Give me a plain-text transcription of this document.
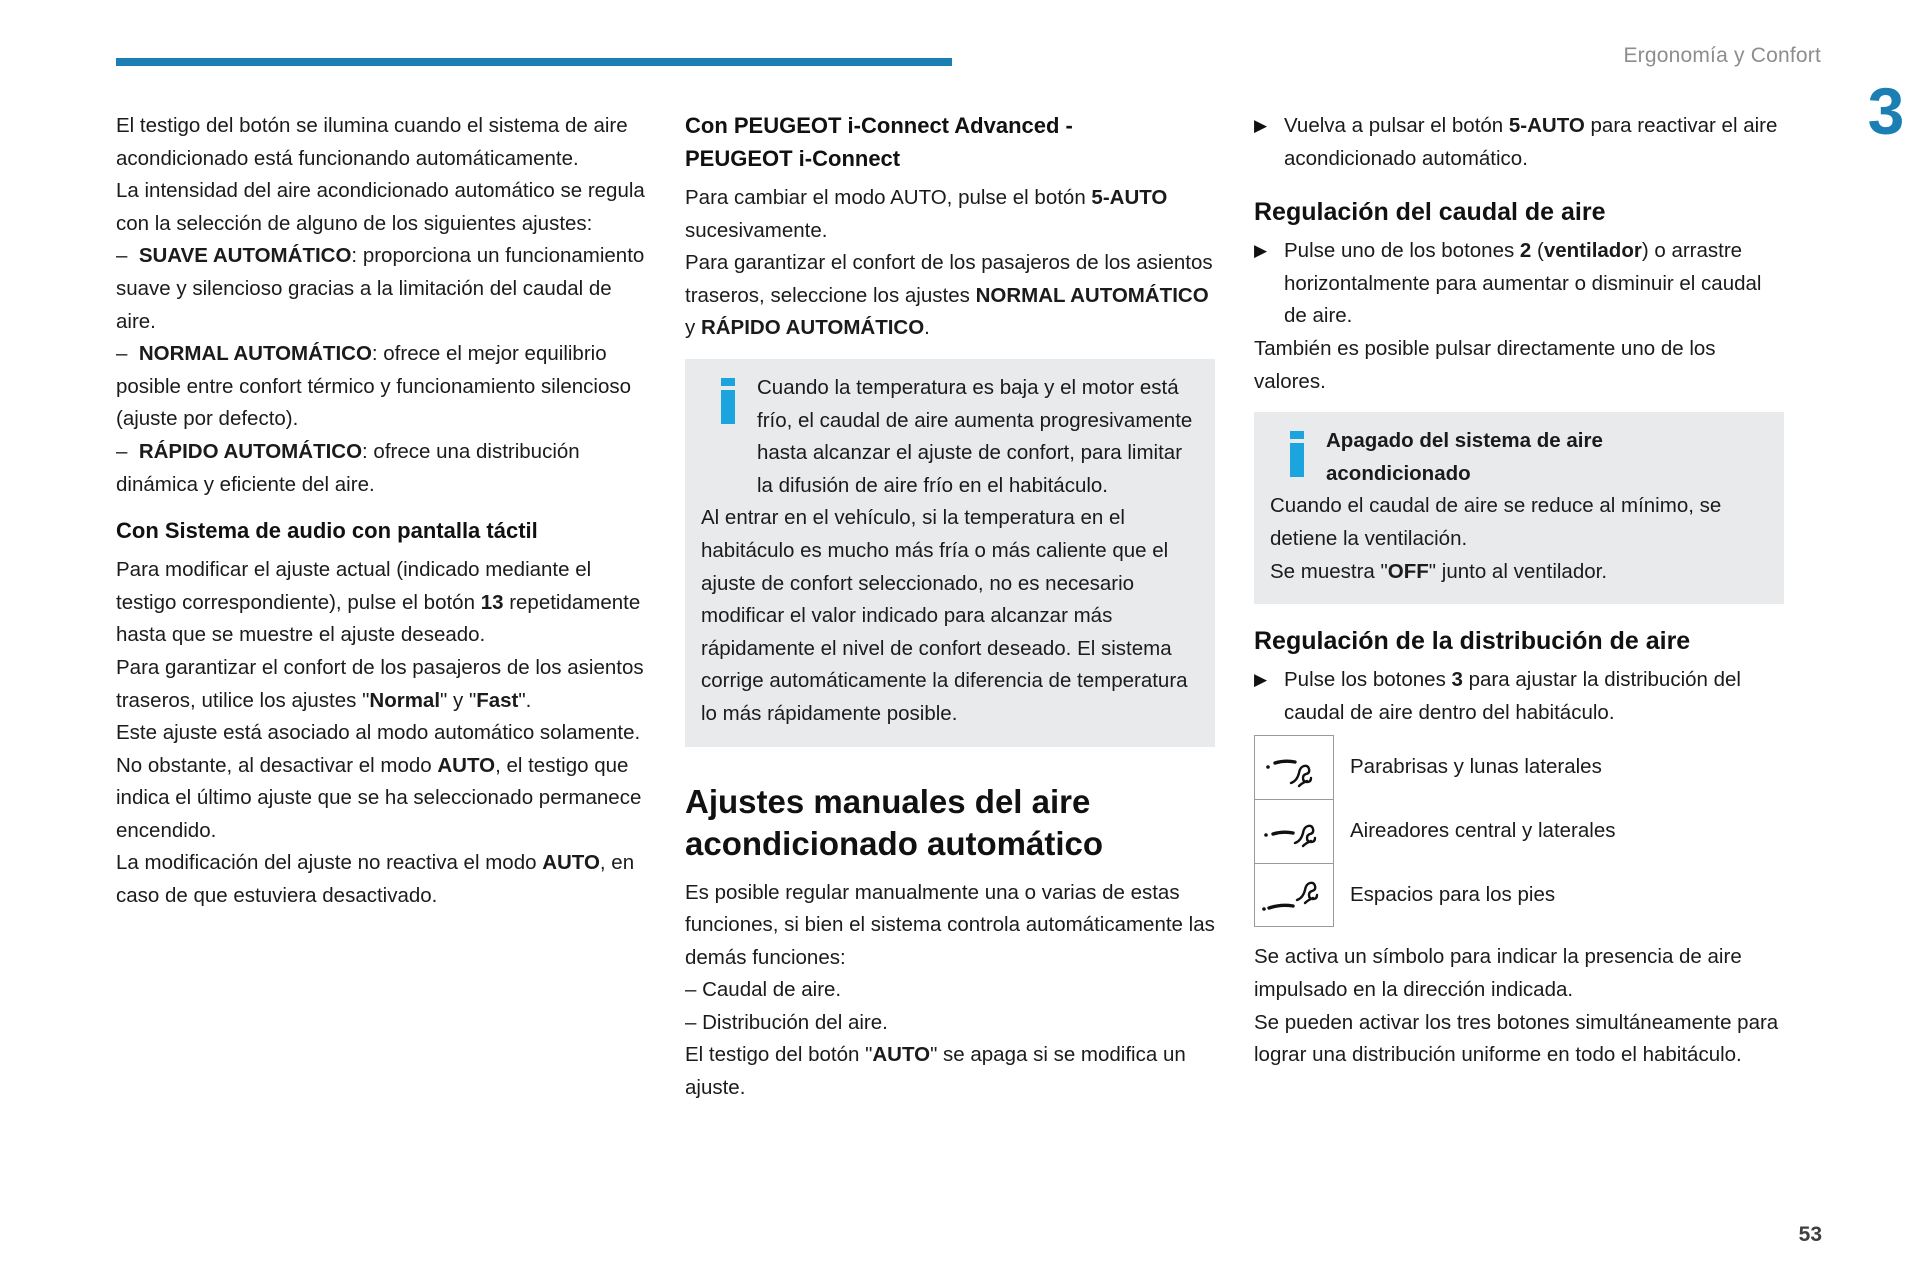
Ergonomía y Confort
3
53

El testigo del botón se ilumina cuando el sistema de aire acondicionado está funcionando automáticamente.

La intensidad del aire acondicionado automático se regula con la selección de alguno de los siguientes ajustes:

– SUAVE AUTOMÁTICO: proporciona un funcionamiento suave y silencioso gracias a la limitación del caudal de aire.

– NORMAL AUTOMÁTICO: ofrece el mejor equilibrio posible entre confort térmico y funcionamiento silencioso (ajuste por defecto).

– RÁPIDO AUTOMÁTICO: ofrece una distribución dinámica y eficiente del aire.

Con Sistema de audio con pantalla táctil

Para modificar el ajuste actual (indicado mediante el testigo correspondiente), pulse el botón 13 repetidamente hasta que se muestre el ajuste deseado.

Para garantizar el confort de los pasajeros de los asientos traseros, utilice los ajustes "Normal" y "Fast".

Este ajuste está asociado al modo automático solamente. No obstante, al desactivar el modo AUTO, el testigo que indica el último ajuste que se ha seleccionado permanece encendido.

La modificación del ajuste no reactiva el modo AUTO, en caso de que estuviera desactivado.

Con PEUGEOT i-Connect Advanced -
PEUGEOT i-Connect

Para cambiar el modo AUTO, pulse el botón 5-AUTO sucesivamente.

Para garantizar el confort de los pasajeros de los asientos traseros, seleccione los ajustes NORMAL AUTOMÁTICO y RÁPIDO AUTOMÁTICO.

Cuando la temperatura es baja y el motor está frío, el caudal de aire aumenta progresivamente hasta alcanzar el ajuste de confort, para limitar la difusión de aire frío en el habitáculo.

Al entrar en el vehículo, si la temperatura en el habitáculo es mucho más fría o más caliente que el ajuste de confort seleccionado, no es necesario modificar el valor indicado para alcanzar más rápidamente el nivel de confort deseado. El sistema corrige automáticamente la diferencia de temperatura lo más rápidamente posible.

Ajustes manuales del aire acondicionado automático

Es posible regular manualmente una o varias de estas funciones, si bien el sistema controla automáticamente las demás funciones:

– Caudal de aire.

– Distribución del aire.

El testigo del botón "AUTO" se apaga si se modifica un ajuste.

▶ Vuelva a pulsar el botón 5-AUTO para reactivar el aire acondicionado automático.
Regulación del caudal de aire
▶ Pulse uno de los botones 2 (ventilador) o arrastre horizontalmente para aumentar o disminuir el caudal de aire.

También es posible pulsar directamente uno de los valores.

Apagado del sistema de aire
acondicionado

Cuando el caudal de aire se reduce al mínimo, se detiene la ventilación.

Se muestra "OFF" junto al ventilador.

Regulación de la distribución de aire
▶ Pulse los botones 3 para ajustar la distribución del caudal de aire dentro del habitáculo.
Parabrisas y lunas laterales
Aireadores central y laterales
Espacios para los pies

Se activa un símbolo para indicar la presencia de aire impulsado en la dirección indicada.

Se pueden activar los tres botones simultáneamente para lograr una distribución uniforme en todo el habitáculo.
